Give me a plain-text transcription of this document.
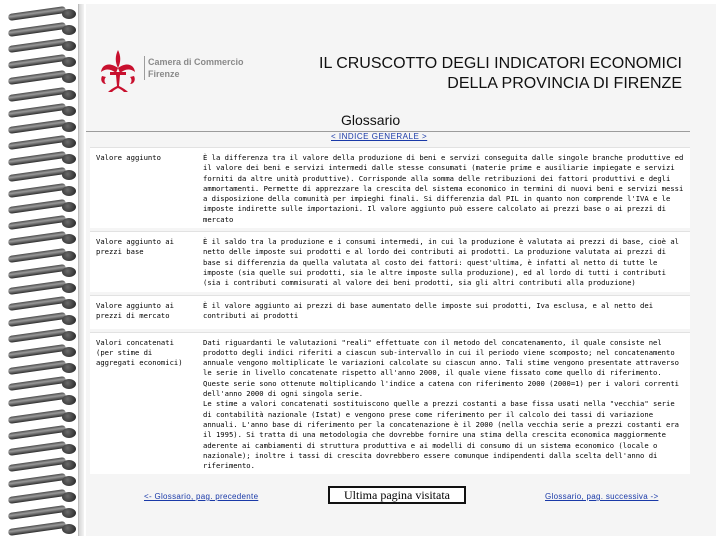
Camera di Commercio
Firenze
IL CRUSCOTTO DEGLI INDICATORI ECONOMICI
DELLA PROVINCIA DI FIRENZE
Glossario
< INDICE GENERALE >
Valore aggiunto	È la differenza tra il valore della produzione di beni e servizi conseguita dalle singole branche produttive ed il valore dei beni e servizi intermedi dalle stesse consumati (materie prime e ausiliarie impiegate e servizi forniti da altre unità produttive). Corrisponde alla somma delle retribuzioni dei fattori produttivi e degli ammortamenti. Permette di apprezzare la crescita del sistema economico in termini di nuovi beni e servizi messi a disposizione della comunità per impieghi finali. Si differenzia dal PIL in quanto non comprende l'IVA e le imposte indirette sulle importazioni. Il valore aggiunto può essere calcolato ai prezzi base o ai prezzi di mercato
Valore aggiunto ai prezzi base	È il saldo tra la produzione e i consumi intermedi, in cui la produzione è valutata ai prezzi di base, cioè al netto delle imposte sui prodotti e al lordo dei contributi ai prodotti. La produzione valutata ai prezzi di base si differenzia da quella valutata al costo dei fattori: quest'ultima, è infatti al netto di tutte le imposte (sia quelle sui prodotti, sia le altre imposte sulla produzione), ed al lordo di tutti i contributi (sia i contributi commisurati al valore dei beni prodotti, sia gli altri contributi alla produzione)
Valore aggiunto ai prezzi di mercato	È il valore aggiunto ai prezzi di base aumentato delle imposte sui prodotti, Iva esclusa, e al netto dei contributi ai prodotti
Valori concatenati (per stime di aggregati economici)	Dati riguardanti le valutazioni "reali" effettuate con il metodo del concatenamento, il quale consiste nel prodotto degli indici riferiti a ciascun sub-intervallo in cui il periodo viene scomposto; nel concatenamento annuale vengono moltiplicate le variazioni calcolate su ciascun anno. Tali stime vengono presentate attraverso le serie in livello concatenate rispetto all'anno 2000, il quale viene fissato come quello di riferimento. Queste serie sono ottenute moltiplicando l'indice a catena con riferimento 2000 (2000=1) per i valori correnti dell'anno 2000 di ogni singola serie.
Le stime a valori concatenati sostituiscono quelle a prezzi costanti a base fissa usati nella "vecchia" serie di contabilità nazionale (Istat) e vengono prese come riferimento per il calcolo dei tassi di variazione annuali. L'anno base di riferimento per la concatenazione è il 2000 (nella vecchia serie a prezzi costanti era il 1995). Si tratta di una metodologia che dovrebbe fornire una stima della crescita economica maggiormente aderente ai cambiamenti di struttura produttiva e ai modelli di consumo di un sistema economico (locale o nazionale); inoltre i tassi di crescita dovrebbero essere comunque indipendenti dalla scelta dell'anno di riferimento.
<- Glossario, pag. precedente	Ultima pagina visitata	Glossario, pag. successiva ->
